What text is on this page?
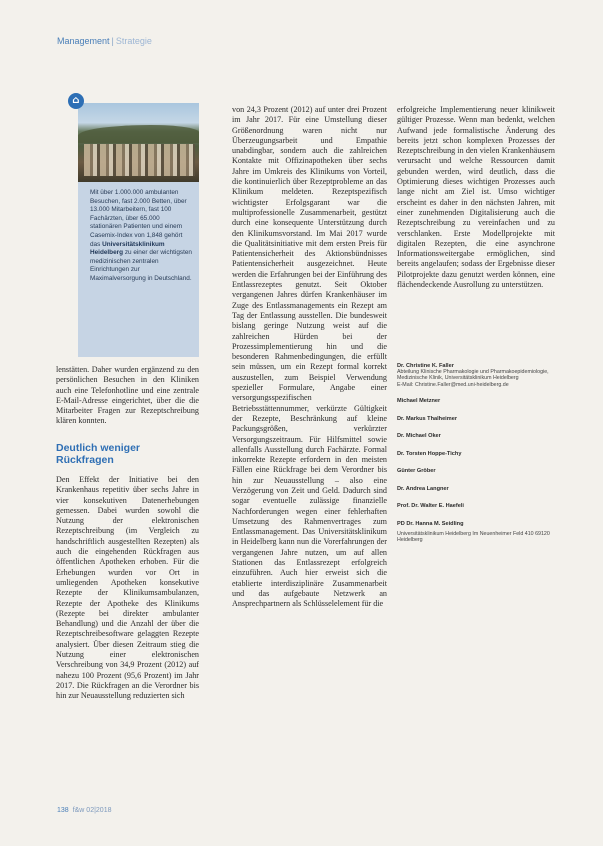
Management | Strategie
⌂

Mit über 1.000.000 ambulanten Besuchen, fast 2.000 Betten, über 13.000 Mitarbeitern, fast 100 Fachärzten, über 65.000 stationären Patienten und einem Casemix-Index von 1,848 gehört das Universitätsklinikum Heidelberg zu einer der wichtigsten medizinischen zentralen Einrichtungen zur Maximalversorgung in Deutschland.

lenstätten. Daher wurden ergänzend zu den persönlichen Besuchen in den Kliniken auch eine Telefonhotline und eine zentrale E-Mail-Adresse eingerichtet, über die die Mitarbeiter Fragen zur Rezeptschreibung klären konnten.

Deutlich weniger Rückfragen

Den Effekt der Initiative bei den Krankenhaus repetitiv über sechs Jahre in vier konsekutiven Datenerhebungen gemessen. Dabei wurden sowohl die Nutzung der elektronischen Rezeptschreibung (im Vergleich zu handschriftlich ausgestellten Rezepten) als auch die eingehenden Rückfragen aus öffentlichen Apotheken erhoben. Für die Erhebungen wurden vor Ort in umliegenden Apotheken konsekutive Rezepte der Klinikumsambulanzen, Rezepte der Apotheke des Klinikums (Rezepte bei direkter ambulanter Behandlung) und die Anzahl der über die Rezeptschreibesoftware gelaggten Rezepte analysiert. Über diesen Zeitraum stieg die Nutzung einer elektronischen Verschreibung von 34,9 Prozent (2012) auf nahezu 100 Prozent (95,6 Prozent) im Jahr 2017. Die Rückfragen an die Verordner bis hin zur Neuausstellung reduzierten sich

von 24,3 Prozent (2012) auf unter drei Prozent im Jahr 2017. Für eine Umstellung dieser Größenordnung waren nicht nur Überzeugungsarbeit und Empathie unabdingbar, sondern auch die zahlreichen Kontakte mit Offizinapotheken über sechs Jahre im Umkreis des Klinikums von Vorteil, die kontinuierlich über Rezeptprobleme an das Klinikum meldeten. Rezeptspezifisch wichtigster Erfolgsgarant war die multiprofessionelle Zusammenarbeit, gestützt durch eine konsequente Unterstützung durch den Klinikumsvorstand. Im Mai 2017 wurde die Qualitätsinitiative mit dem ersten Preis für Patientensicherheit des Aktionsbündnisses Patientensicherheit ausgezeichnet. Heute werden die Erfahrungen bei der Einführung des Entlassrezeptes genutzt. Seit Oktober vergangenen Jahres dürfen Krankenhäuser im Zuge des Entlassmanagements ein Rezept am Tag der Entlassung ausstellen. Die bundesweit bislang geringe Nutzung weist auf die zahlreichen Hürden bei der Prozessimplementierung hin und die besonderen Rahmenbedingungen, die erfüllt sein müssen, um ein Rezept formal korrekt auszustellen, zum Beispiel Verwendung spezieller Formulare, Angabe einer versorgungsspezifischen Betriebsstättennummer, verkürzte Gültigkeit der Rezepte, Beschränkung auf kleine Packungsgrößen, verkürzter Versorgungszeitraum. Für Hilfsmittel sowie allenfalls Ausstellung durch Fachärzte. Formal inkorrekte Rezepte erfordern in den meisten Fällen eine Rückfrage bei dem Verordner bis hin zur Neuausstellung – also eine Verzögerung von Zeit und Geld. Dadurch sind sogar eventuelle zulässige finanzielle Nachforderungen wegen einer fehlerhaften Umsetzung des Rahmenvertrages zum Entlassmanagement. Das Universitätsklinikum in Heidelberg kann nun die Vorerfahrungen der vergangenen Jahre nutzen, um auf allen Stationen das Entlassrezept erfolgreich einzuführen. Auch hier erweist sich die etablierte interdisziplinäre Zusammenarbeit und das aufgebaute Netzwerk an Ansprechpartnern als Schlüsselelement für die

erfolgreiche Implementierung neuer klinikweit gültiger Prozesse. Wenn man bedenkt, welchen Aufwand jede formalistische Änderung des bereits jetzt schon komplexen Prozesses der Rezeptschreibung in den vielen Krankenhäusern verursacht und welche Ressourcen damit gebunden werden, wird deutlich, dass die Optimierung dieses wichtigen Prozesses auch lange nicht am Ziel ist. Umso wichtiger erscheint es daher in den nächsten Jahren, mit einer zunehmenden Digitalisierung auch die Rezeptschreibung zu vereinfachen und zu verschlanken. Erste Modellprojekte mit digitalen Rezepten, die eine asynchrone Informationsweitergabe ermöglichen, sind bereits angelaufen; sodass der Ergebnisse dieser Pilotprojekte dazu genutzt werden können, eine flächendeckende Ausrollung zu unterstützen.

Dr. Christine K. Faller
Abteilung Klinische Pharmakologie und Pharmakoepidemiologie,
Medizinische Klinik, Universitätsklinikum Heidelberg
E-Mail: Christine.Faller@med.uni-heidelberg.de
Michael Metzner
Dr. Markus Thalheimer
Dr. Michael Oker
Dr. Torsten Hoppe-Tichy
Günter Gröber
Dr. Andrea Langner
Prof. Dr. Walter E. Haefeli
PD Dr. Hanna M. Seidling
Universitätsklinikum Heidelberg Im Neuenheimer Feld 410 69120 Heidelberg
138 f&w 02|2018
